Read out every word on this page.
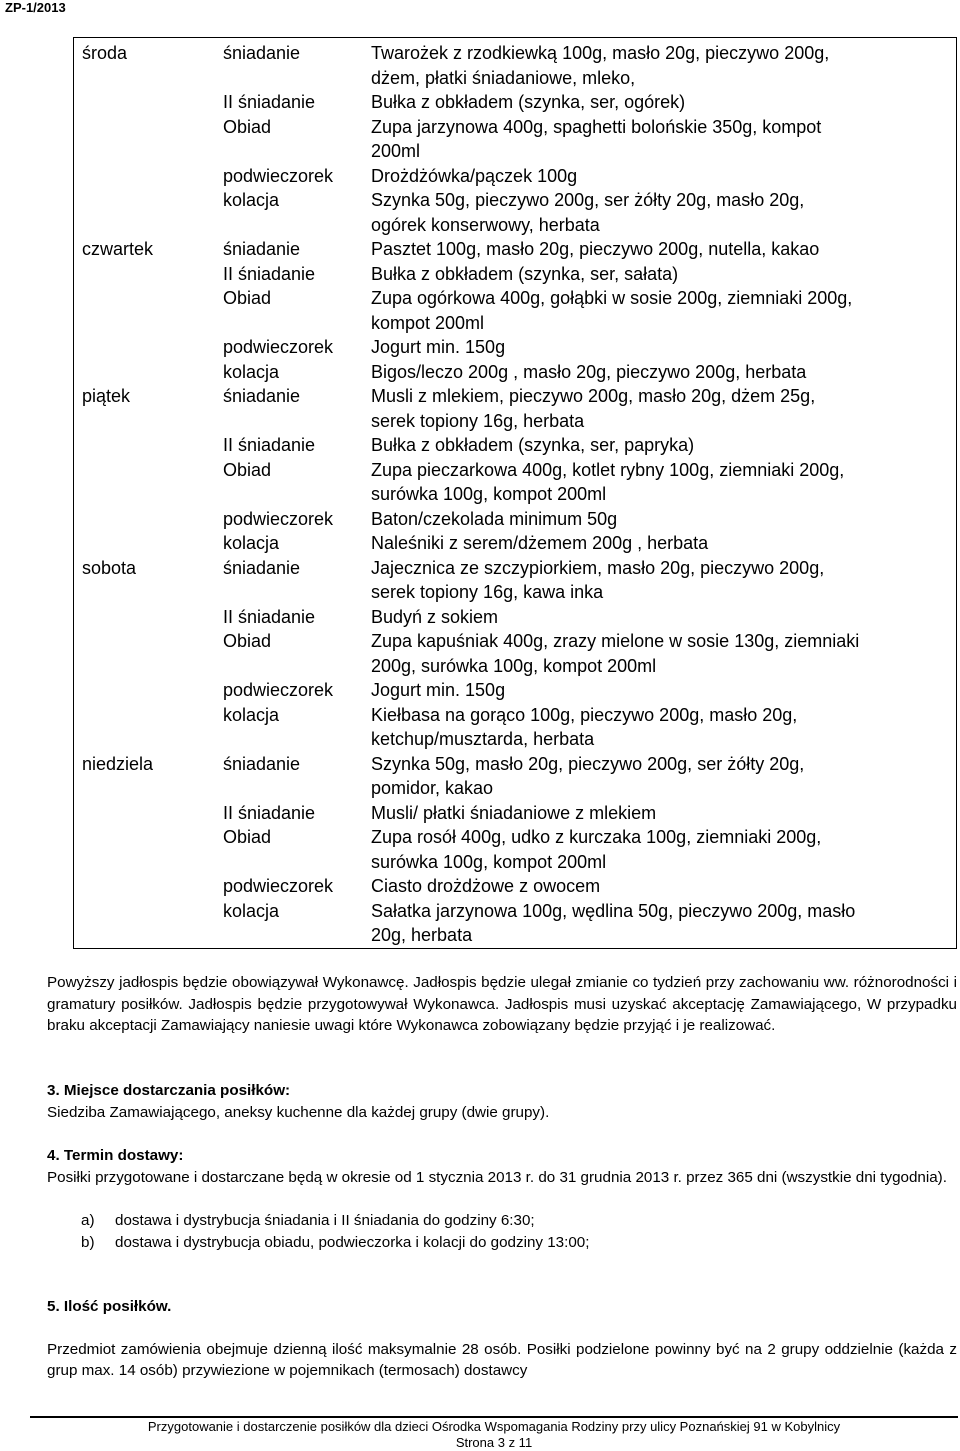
ZP-1/2013
środa	śniadanie	Twarożek z rzodkiewką 100g, masło 20g, pieczywo 200g,
dżem, płatki śniadaniowe, mleko,
II śniadanie	Bułka z obkładem (szynka, ser, ogórek)
Obiad	Zupa jarzynowa 400g, spaghetti bolońskie 350g, kompot
200ml
podwieczorek	Drożdżówka/pączek 100g
kolacja	Szynka 50g, pieczywo 200g, ser żółty 20g, masło 20g,
ogórek konserwowy, herbata
czwartek	śniadanie	Pasztet 100g, masło 20g, pieczywo 200g, nutella, kakao
II śniadanie	Bułka z obkładem (szynka, ser, sałata)
Obiad	Zupa ogórkowa 400g, gołąbki w sosie 200g, ziemniaki 200g,
kompot 200ml
podwieczorek	Jogurt min. 150g
kolacja	Bigos/leczo 200g , masło 20g, pieczywo 200g, herbata
piątek	śniadanie	Musli z mlekiem, pieczywo 200g, masło 20g, dżem 25g,
serek topiony 16g, herbata
II śniadanie	Bułka z obkładem (szynka, ser, papryka)
Obiad	Zupa pieczarkowa 400g, kotlet rybny 100g, ziemniaki 200g,
surówka 100g, kompot 200ml
podwieczorek	Baton/czekolada minimum 50g
kolacja	Naleśniki z serem/dżemem 200g , herbata
sobota	śniadanie	Jajecznica ze szczypiorkiem, masło 20g, pieczywo 200g,
serek topiony 16g, kawa inka
II śniadanie	Budyń z sokiem
Obiad	Zupa kapuśniak 400g, zrazy mielone w sosie 130g, ziemniaki
200g, surówka 100g, kompot 200ml
podwieczorek	Jogurt min. 150g
kolacja	Kiełbasa na gorąco 100g, pieczywo 200g, masło 20g,
ketchup/musztarda, herbata
niedziela	śniadanie	Szynka 50g, masło 20g, pieczywo 200g, ser żółty 20g,
pomidor, kakao
II śniadanie	Musli/ płatki śniadaniowe z mlekiem
Obiad	Zupa rosół 400g, udko z kurczaka 100g, ziemniaki 200g,
surówka 100g, kompot 200ml
podwieczorek	Ciasto drożdżowe z owocem
kolacja	Sałatka jarzynowa 100g, wędlina 50g, pieczywo 200g, masło
20g, herbata
Powyższy jadłospis będzie obowiązywał Wykonawcę. Jadłospis będzie ulegał zmianie co tydzień przy zachowaniu ww. różnorodności i gramatury posiłków. Jadłospis będzie przygotowywał Wykonawca. Jadłospis musi uzyskać akceptację Zamawiającego, W przypadku braku akceptacji Zamawiający naniesie uwagi które Wykonawca zobowiązany będzie przyjąć i je realizować.
3. Miejsce dostarczania posiłków:
Siedziba Zamawiającego, aneksy kuchenne dla każdej grupy (dwie grupy).
4. Termin dostawy:
Posiłki przygotowane i dostarczane będą w okresie od 1 stycznia 2013 r. do 31 grudnia 2013 r. przez 365 dni (wszystkie dni tygodnia).
a)	dostawa i dystrybucja śniadania i II śniadania do godziny 6:30;
b)	dostawa i dystrybucja obiadu, podwieczorka i kolacji do godziny 13:00;
5. Ilość posiłków.
Przedmiot zamówienia obejmuje dzienną ilość maksymalnie 28 osób. Posiłki podzielone powinny być na 2 grupy oddzielnie (każda z grup max. 14 osób) przywiezione w pojemnikach (termosach) dostawcy
Przygotowanie i dostarczenie posiłków dla dzieci Ośrodka Wspomagania Rodziny przy ulicy Poznańskiej 91 w Kobylnicy
Strona 3 z 11
